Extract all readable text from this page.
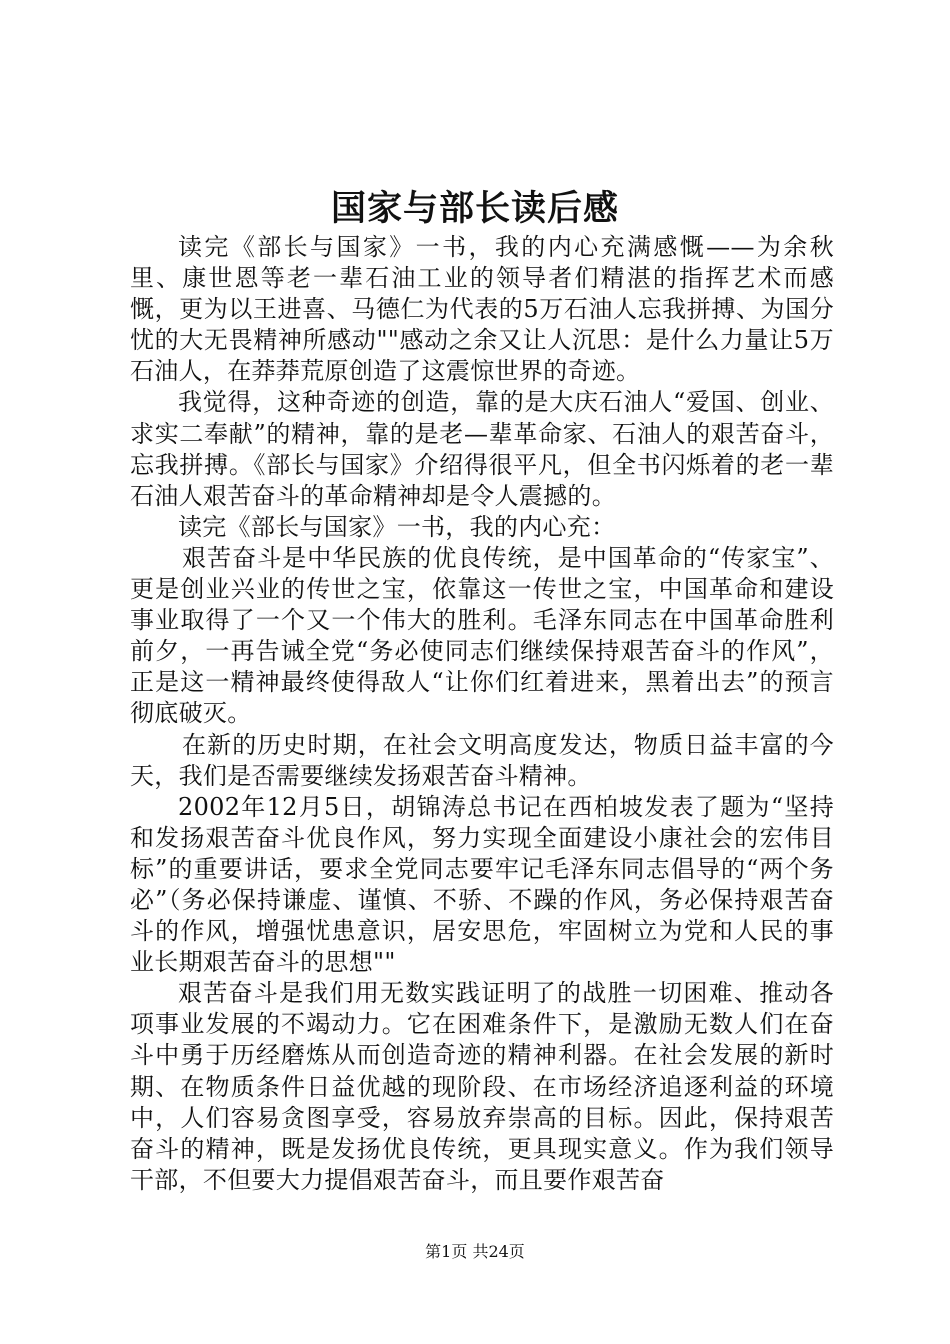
国家与部长读后感

读完《部长与国家》一书，我的内心充满感慨——为余秋里、康世恩等老一辈石油工业的领导者们精湛的指挥艺术而感慨，更为以王进喜、马德仁为代表的5万石油人忘我拼搏、为国分忧的大无畏精神所感动""感动之余又让人沉思：是什么力量让5万石油人，在莽莽荒原创造了这震惊世界的奇迹。

我觉得，这种奇迹的创造，靠的是大庆石油人“爱国、创业、求实二奉献”的精神，靠的是老—辈革命家、石油人的艰苦奋斗，忘我拼搏。《部长与国家》介绍得很平凡，但全书闪烁着的老一辈石油人艰苦奋斗的革命精神却是令人震撼的。

读完《部长与国家》一书，我的内心充：

艰苦奋斗是中华民族的优良传统，是中国革命的“传家宝”、更是创业兴业的传世之宝，依靠这一传世之宝，中国革命和建设事业取得了一个又一个伟大的胜利。毛泽东同志在中国革命胜利前夕，一再告诫全党“务必使同志们继续保持艰苦奋斗的作风”，正是这一精神最终使得敌人“让你们红着进来，黑着出去”的预言彻底破灭。

在新的历史时期，在社会文明高度发达，物质日益丰富的今天，我们是否需要继续发扬艰苦奋斗精神。

2002年12月5日，胡锦涛总书记在西柏坡发表了题为“坚持和发扬艰苦奋斗优良作风，努力实现全面建设小康社会的宏伟目标”的重要讲话，要求全党同志要牢记毛泽东同志倡导的“两个务必”（务必保持谦虚、谨慎、不骄、不躁的作风，务必保持艰苦奋斗的作风，增强忧患意识，居安思危，牢固树立为党和人民的事业长期艰苦奋斗的思想""

艰苦奋斗是我们用无数实践证明了的战胜一切困难、推动各项事业发展的不竭动力。它在困难条件下，是激励无数人们在奋斗中勇于历经磨炼从而创造奇迹的精神利器。在社会发展的新时期、在物质条件日益优越的现阶段、在市场经济追逐利益的环境中，人们容易贪图享受，容易放弃崇高的目标。因此，保持艰苦奋斗的精神，既是发扬优良传统，更具现实意义。作为我们领导干部，不但要大力提倡艰苦奋斗，而且要作艰苦奋

第1页 共24页
